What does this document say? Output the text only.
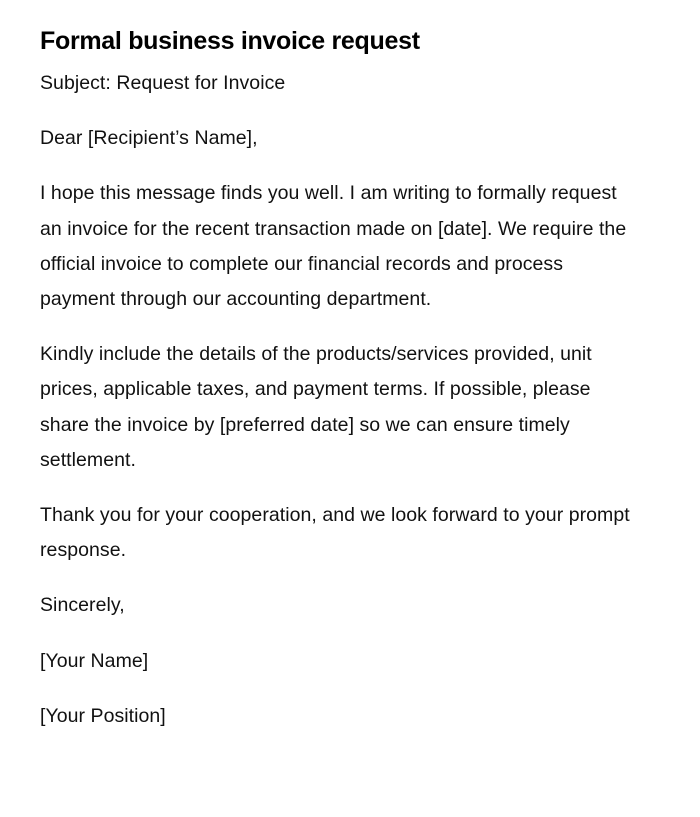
Formal business invoice request

Subject: Request for Invoice

Dear [Recipient’s Name],

I hope this message finds you well. I am writing to formally request an invoice for the recent transaction made on [date]. We require the official invoice to complete our financial records and process payment through our accounting department.

Kindly include the details of the products/services provided, unit prices, applicable taxes, and payment terms. If possible, please share the invoice by [preferred date] so we can ensure timely settlement.

Thank you for your cooperation, and we look forward to your prompt response.

Sincerely,

[Your Name]

[Your Position]
